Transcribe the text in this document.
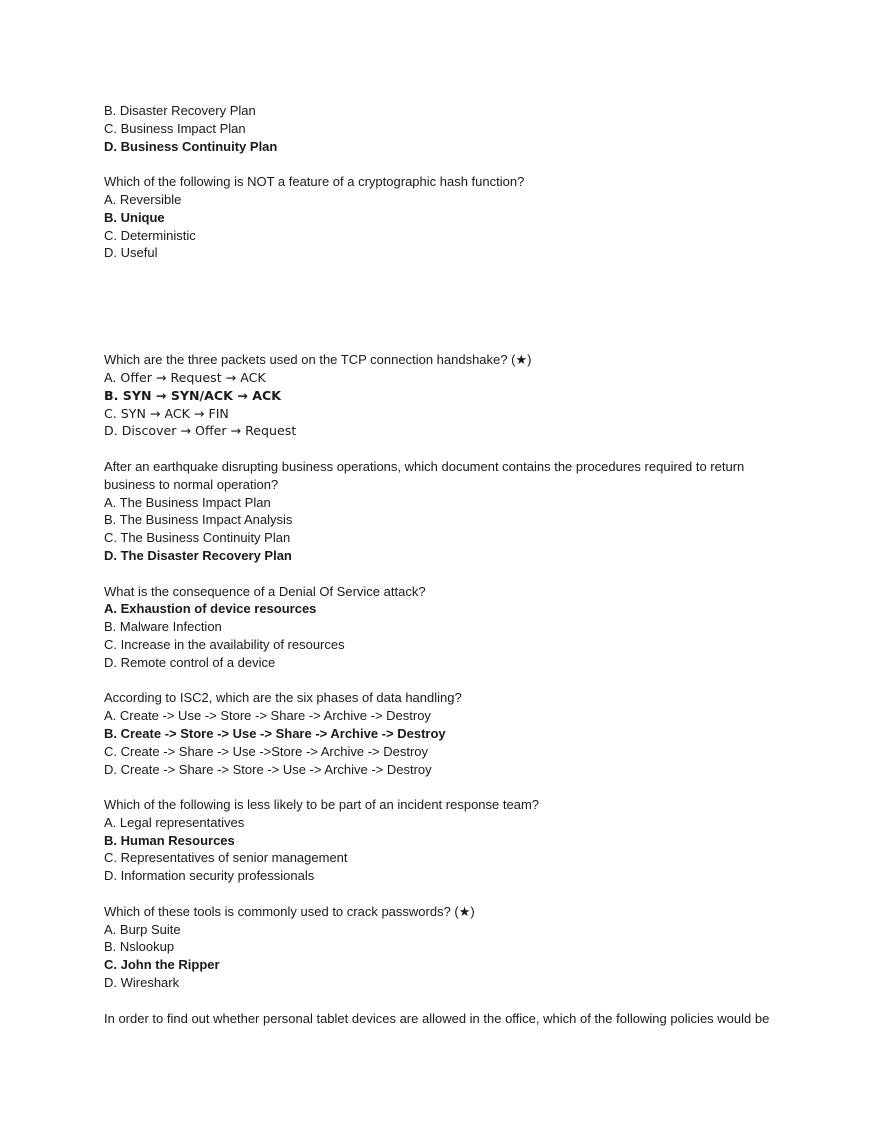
B. Disaster Recovery Plan
C. Business Impact Plan
D. Business Continuity Plan
Which of the following is NOT a feature of a cryptographic hash function?
A. Reversible
B. Unique
C. Deterministic
D. Useful
Which are the three packets used on the TCP connection handshake? (★)
A. Offer → Request → ACK
B. SYN → SYN/ACK → ACK
C. SYN → ACK → FIN
D. Discover → Offer → Request
After an earthquake disrupting business operations, which document contains the procedures required to return business to normal operation?
A. The Business Impact Plan
B. The Business Impact Analysis
C. The Business Continuity Plan
D. The Disaster Recovery Plan
What is the consequence of a Denial Of Service attack?
A. Exhaustion of device resources
B. Malware Infection
C. Increase in the availability of resources
D. Remote control of a device
According to ISC2, which are the six phases of data handling?
A. Create -> Use -> Store -> Share -> Archive -> Destroy
B. Create -> Store -> Use -> Share -> Archive -> Destroy
C. Create -> Share -> Use ->Store -> Archive -> Destroy
D. Create -> Share -> Store -> Use -> Archive -> Destroy
Which of the following is less likely to be part of an incident response team?
A. Legal representatives
B. Human Resources
C. Representatives of senior management
D. Information security professionals
Which of these tools is commonly used to crack passwords? (★)
A. Burp Suite
B. Nslookup
C. John the Ripper
D. Wireshark
In order to find out whether personal tablet devices are allowed in the office, which of the following policies would be
